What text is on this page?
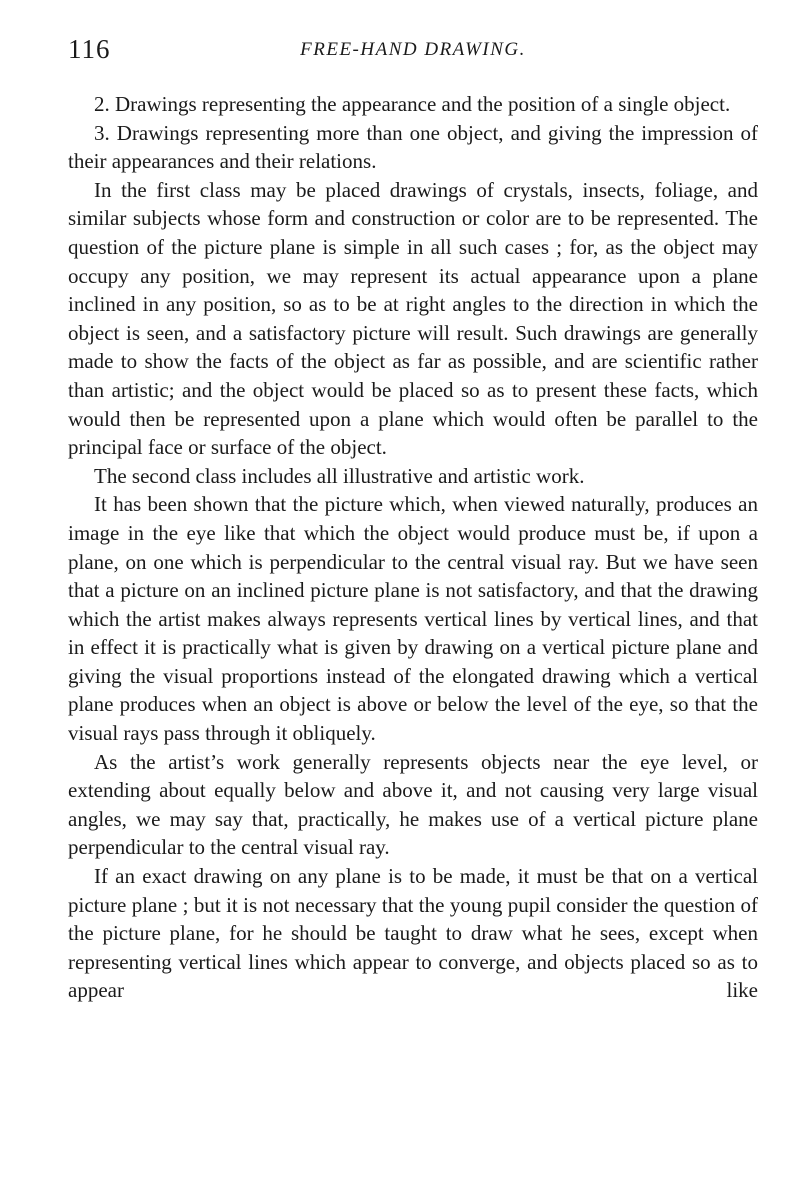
116	FREE-HAND DRAWING.

2. Drawings representing the appearance and the position of a single object.

3. Drawings representing more than one object, and giving the impression of their appearances and their relations.

In the first class may be placed drawings of crystals, insects, foliage, and similar subjects whose form and construction or color are to be represented. The question of the picture plane is simple in all such cases ; for, as the object may occupy any position, we may represent its actual appearance upon a plane inclined in any position, so as to be at right angles to the direction in which the object is seen, and a satisfactory picture will result. Such drawings are generally made to show the facts of the object as far as possible, and are scientific rather than artistic; and the object would be placed so as to present these facts, which would then be represented upon a plane which would often be parallel to the principal face or surface of the object.

The second class includes all illustrative and artistic work.

It has been shown that the picture which, when viewed naturally, produces an image in the eye like that which the object would produce must be, if upon a plane, on one which is perpendicular to the central visual ray. But we have seen that a picture on an inclined picture plane is not satisfactory, and that the drawing which the artist makes always represents vertical lines by vertical lines, and that in effect it is practically what is given by drawing on a vertical picture plane and giving the visual proportions instead of the elongated drawing which a vertical plane produces when an object is above or below the level of the eye, so that the visual rays pass through it obliquely.

As the artist’s work generally represents objects near the eye level, or extending about equally below and above it, and not causing very large visual angles, we may say that, practically, he makes use of a vertical picture plane perpendicular to the central visual ray.

If an exact drawing on any plane is to be made, it must be that on a vertical picture plane ; but it is not necessary that the young pupil consider the question of the picture plane, for he should be taught to draw what he sees, except when representing vertical lines which appear to converge, and objects placed so as to appear like
